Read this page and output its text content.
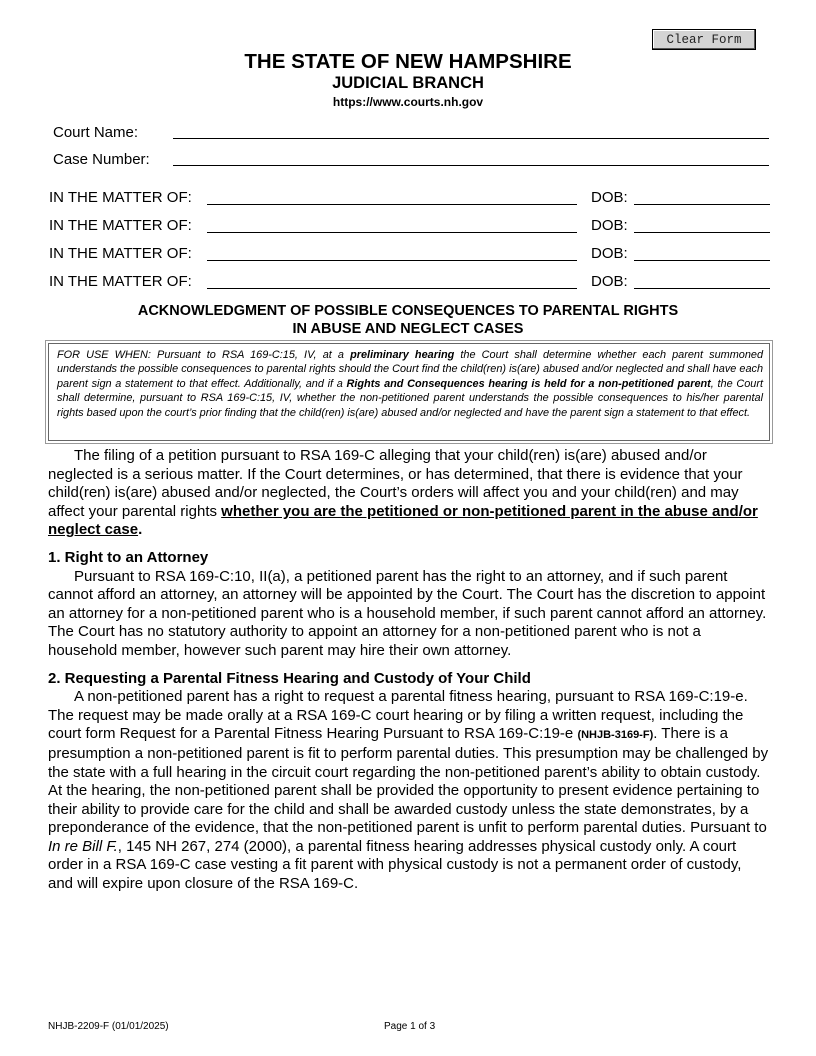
Clear Form
THE STATE OF NEW HAMPSHIRE
JUDICIAL BRANCH
https://www.courts.nh.gov
Court Name:
Case Number:
IN THE MATTER OF:	DOB:
IN THE MATTER OF:	DOB:
IN THE MATTER OF:	DOB:
IN THE MATTER OF:	DOB:
ACKNOWLEDGMENT OF POSSIBLE CONSEQUENCES TO PARENTAL RIGHTS
IN ABUSE AND NEGLECT CASES

FOR USE WHEN: Pursuant to RSA 169-C:15, IV, at a preliminary hearing the Court shall determine whether each parent summoned understands the possible consequences to parental rights should the Court find the child(ren) is(are) abused and/or neglected and shall have each parent sign a statement to that effect. Additionally, and if a Rights and Consequences hearing is held for a non-petitioned parent, the Court shall determine, pursuant to RSA 169-C:15, IV, whether the non-petitioned parent understands the possible consequences to his/her parental rights based upon the court’s prior finding that the child(ren) is(are) abused and/or neglected and have the parent sign a statement to that effect.

The filing of a petition pursuant to RSA 169-C alleging that your child(ren) is(are) abused and/or neglected is a serious matter. If the Court determines, or has determined, that there is evidence that your child(ren) is(are) abused and/or neglected, the Court’s orders will affect you and your child(ren) and may affect your parental rights whether you are the petitioned or non-petitioned parent in the abuse and/or neglect case.

1. Right to an Attorney

Pursuant to RSA 169-C:10, II(a), a petitioned parent has the right to an attorney, and if such parent cannot afford an attorney, an attorney will be appointed by the Court. The Court has the discretion to appoint an attorney for a non-petitioned parent who is a household member, if such parent cannot afford an attorney. The Court has no statutory authority to appoint an attorney for a non-petitioned parent who is not a household member, however such parent may hire their own attorney.

2. Requesting a Parental Fitness Hearing and Custody of Your Child

A non-petitioned parent has a right to request a parental fitness hearing, pursuant to RSA 169-C:19-e. The request may be made orally at a RSA 169-C court hearing or by filing a written request, including the court form Request for a Parental Fitness Hearing Pursuant to RSA 169-C:19-e (NHJB-3169-F). There is a presumption a non-petitioned parent is fit to perform parental duties. This presumption may be challenged by the state with a full hearing in the circuit court regarding the non-petitioned parent’s ability to obtain custody. At the hearing, the non-petitioned parent shall be provided the opportunity to present evidence pertaining to their ability to provide care for the child and shall be awarded custody unless the state demonstrates, by a preponderance of the evidence, that the non-petitioned parent is unfit to perform parental duties. Pursuant to In re Bill F., 145 NH 267, 274 (2000), a parental fitness hearing addresses physical custody only. A court order in a RSA 169-C case vesting a fit parent with physical custody is not a permanent order of custody, and will expire upon closure of the RSA 169-C.

NHJB-2209-F (01/01/2025)	Page 1 of 3
